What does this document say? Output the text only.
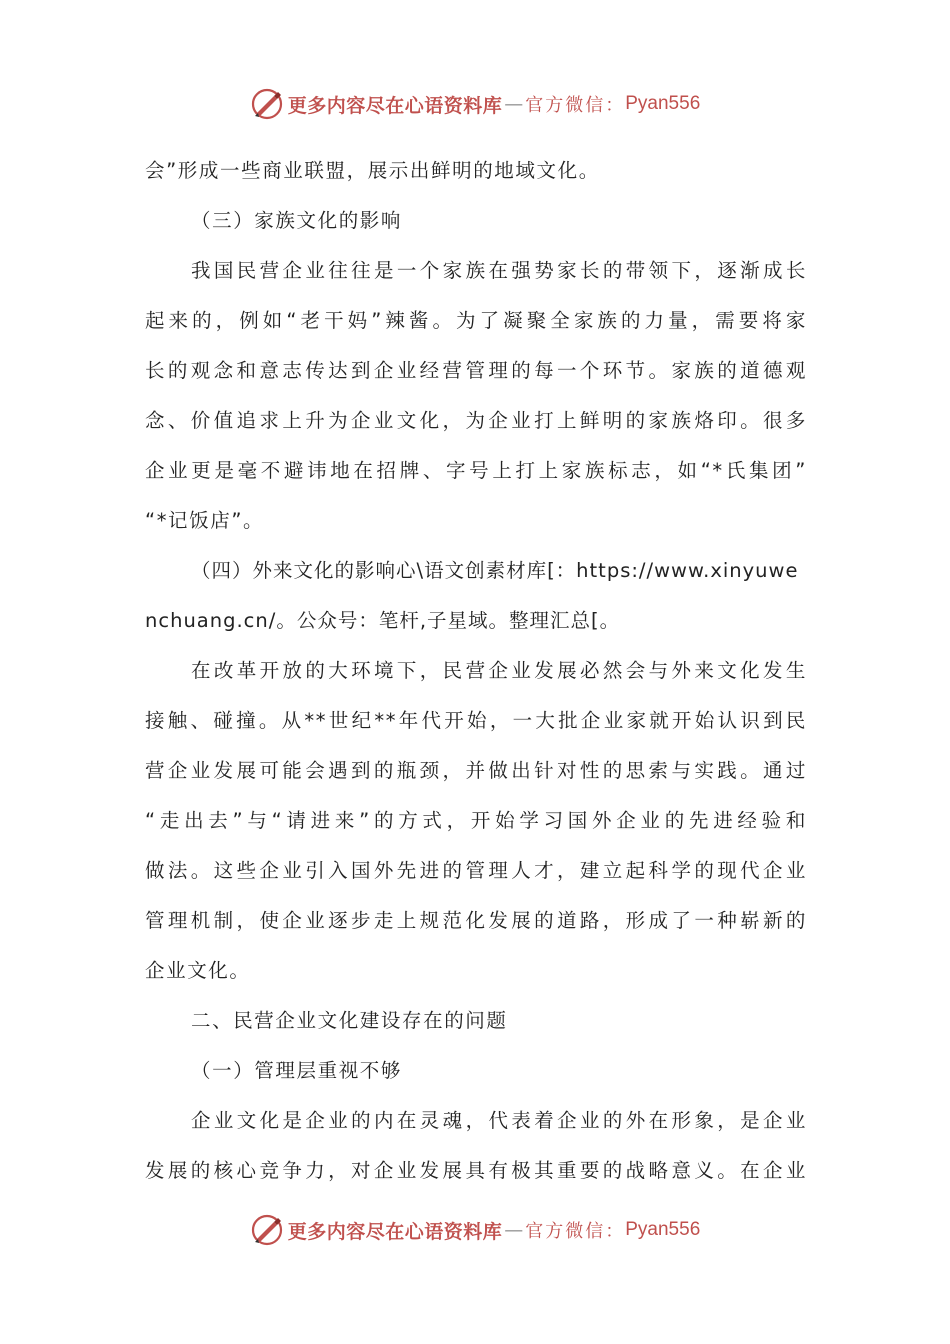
更多内容尽在心语资料库 — 官方微信： Pyan556
会”形成一些商业联盟，展示出鲜明的地域文化。
（三）家族文化的影响
我国民营企业往往是一个家族在强势家长的带领下，逐渐成长
起来的，例如“老干妈”辣酱。为了凝聚全家族的力量，需要将家
长的观念和意志传达到企业经营管理的每一个环节。家族的道德观
念、价值追求上升为企业文化，为企业打上鲜明的家族烙印。很多
企业更是毫不避讳地在招牌、字号上打上家族标志，如“*氏集团”
“*记饭店”。
（四）外来文化的影响心\语文创素材库[：https://www.xinyuwe
nchuang.cn/。公众号：笔杆,子星域。整理汇总[。
在改革开放的大环境下，民营企业发展必然会与外来文化发生
接触、碰撞。从**世纪**年代开始，一大批企业家就开始认识到民
营企业发展可能会遇到的瓶颈，并做出针对性的思索与实践。通过
“走出去”与“请进来”的方式，开始学习国外企业的先进经验和
做法。这些企业引入国外先进的管理人才，建立起科学的现代企业
管理机制，使企业逐步走上规范化发展的道路，形成了一种崭新的
企业文化。
二、民营企业文化建设存在的问题
（一）管理层重视不够
企业文化是企业的内在灵魂，代表着企业的外在形象，是企业
发展的核心竞争力，对企业发展具有极其重要的战略意义。在企业
更多内容尽在心语资料库 — 官方微信： Pyan556
